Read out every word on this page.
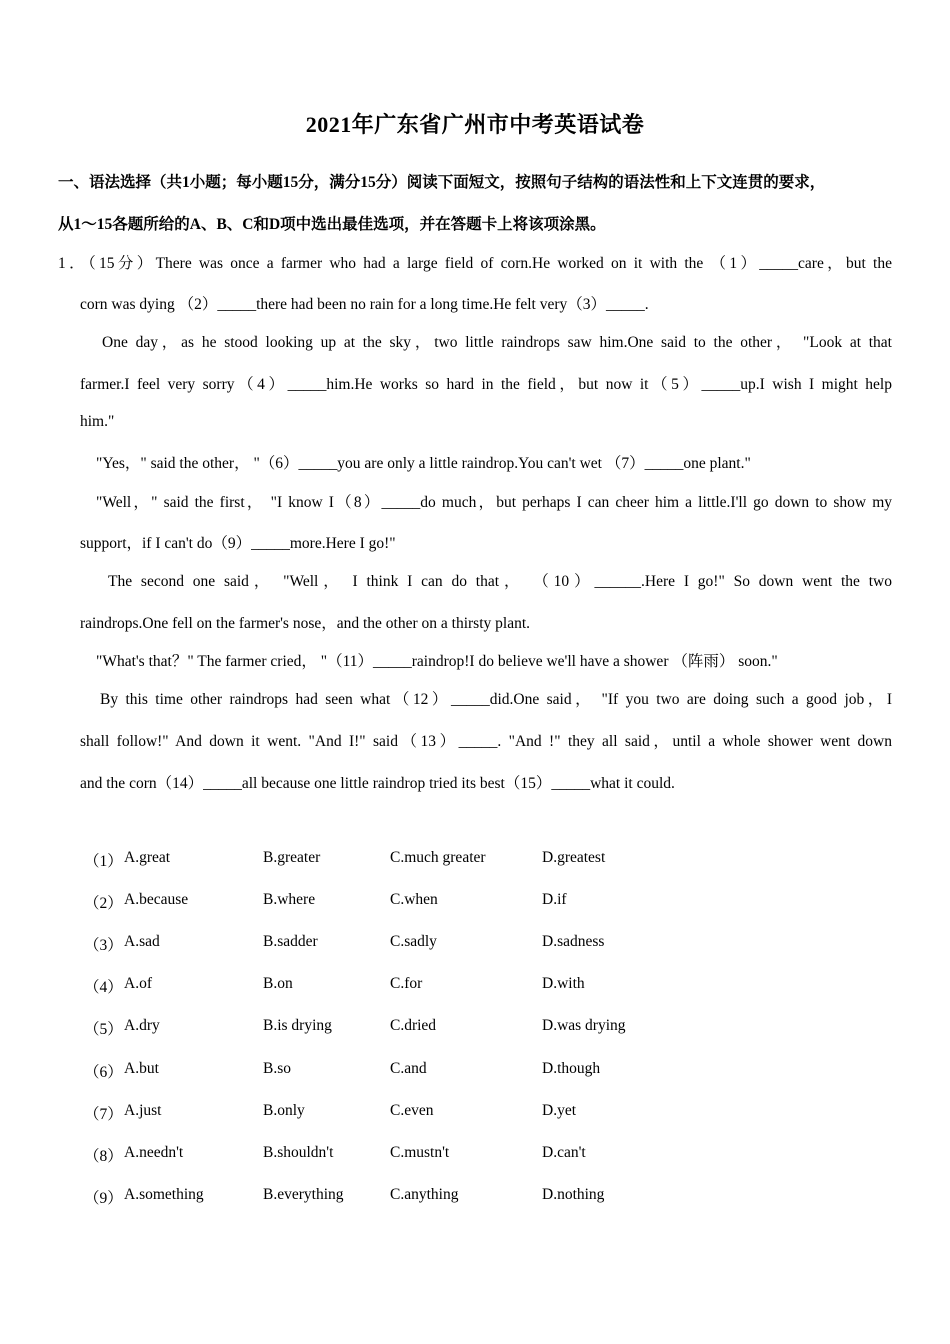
2021年广东省广州市中考英语试卷
一、语法选择（共1小题；每小题15分，满分15分）阅读下面短文，按照句子结构的语法性和上下文连贯的要求，
从1～15各题所给的A、B、C和D项中选出最佳选项，并在答题卡上将该项涂黑。
1．（15分）There was once a farmer who had a large field of corn.He worked on it with the （1）_____care，but the
corn was dying （2）_____there had been no rain for a long time.He felt very（3）_____.
One day，as he stood looking up at the sky，two little raindrops saw him.One said to the other， "Look at that
farmer.I feel very sorry（4）_____him.He works so hard in the field，but now it（5）_____up.I wish I might help
him."
"Yes，" said the other， "（6）_____you are only a little raindrop.You can't wet （7）_____one plant."
"Well，" said the first， "I know I（8）_____do much，but perhaps I can cheer him a little.I'll go down to show my
support，if I can't do（9）_____more.Here I go!"
The second one said， "Well， I think I can do that， （10）______.Here I go!" So down went the two
raindrops.One fell on the farmer's nose，and the other on a thirsty plant.
"What's that？" The farmer cried， "（11）_____raindrop!I do believe we'll have a shower （阵雨） soon."
By this time other raindrops had seen what（12）_____did.One said， "If you two are doing such a good job，I
shall follow!" And down it went. "And I!" said（13）_____. "And !" they all said，until a whole shower went down
and the corn（14）_____all because one little raindrop tried its best（15）_____what it could.
（1） A.great	B.greater	C.much greater	D.greatest
（2） A.because	B.where	C.when	D.if
（3） A.sad	B.sadder	C.sadly	D.sadness
（4） A.of	B.on	C.for	D.with
（5） A.dry	B.is drying	C.dried	D.was drying
（6） A.but	B.so	C.and	D.though
（7） A.just	B.only	C.even	D.yet
（8） A.needn't	B.shouldn't	C.mustn't	D.can't
（9） A.something	B.everything	C.anything	D.nothing
